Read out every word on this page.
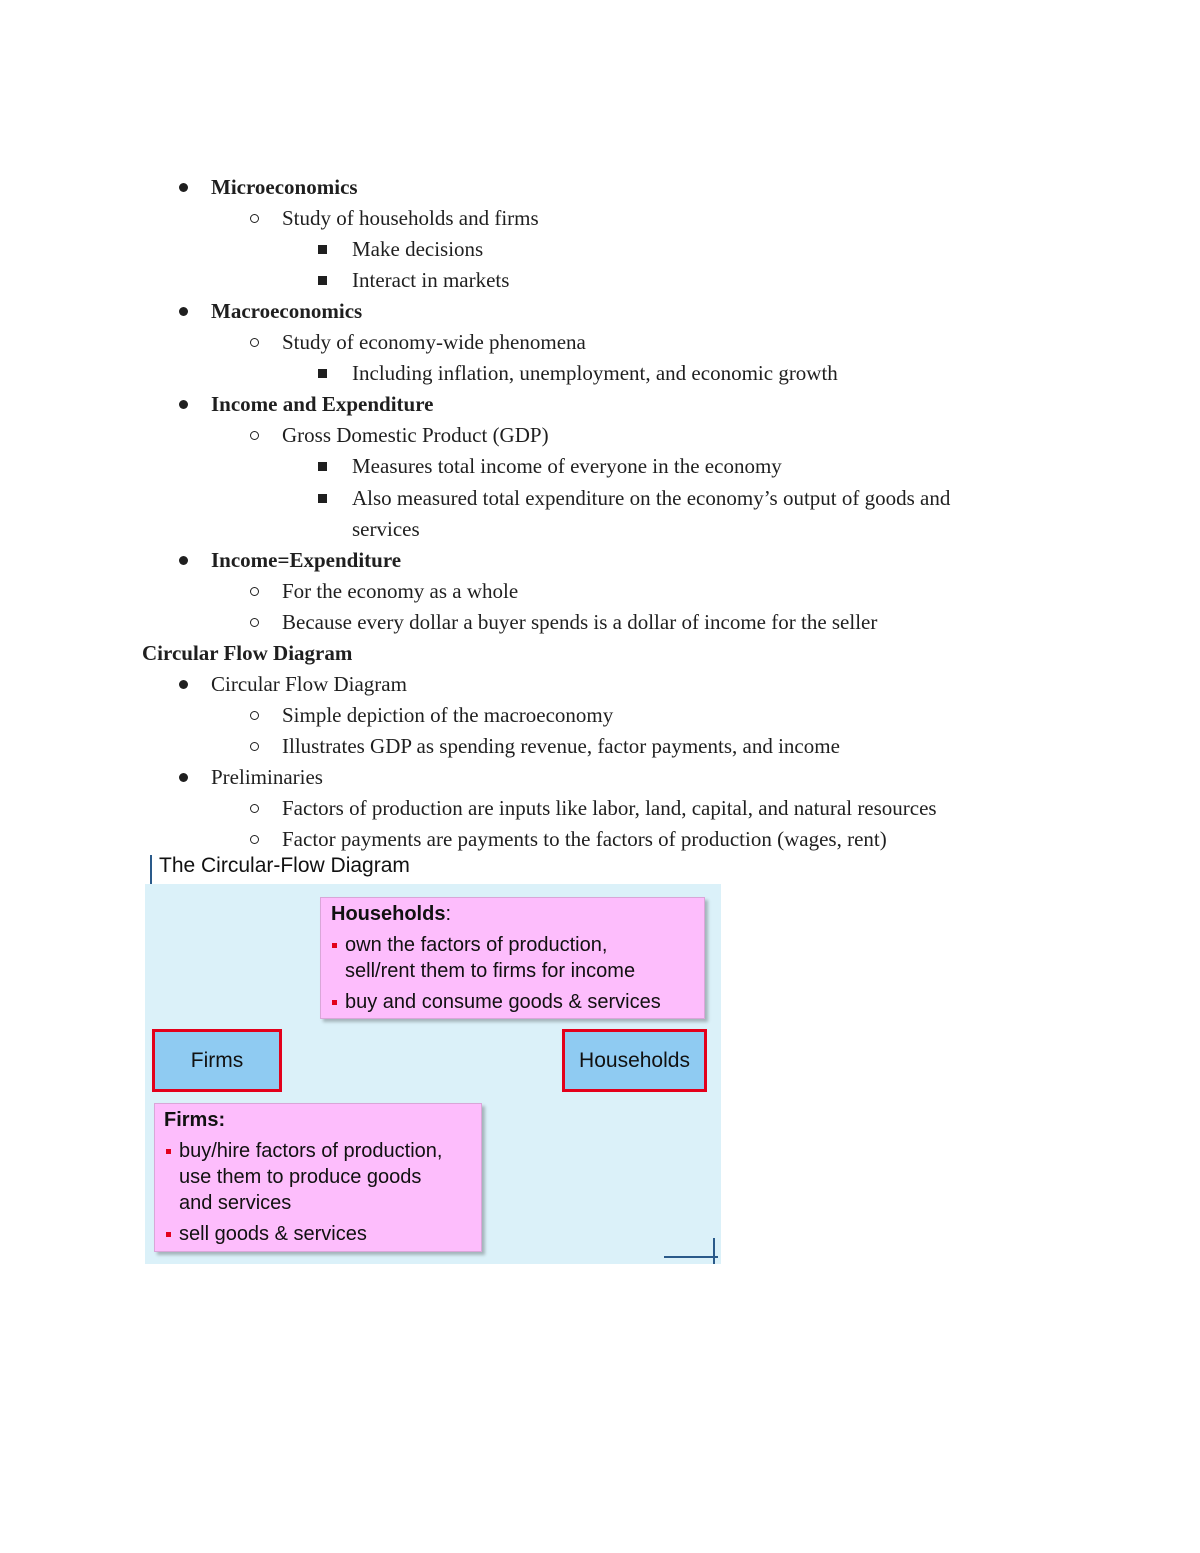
Microeconomics
Study of households and firms
Make decisions
Interact in markets
Macroeconomics
Study of economy-wide phenomena
Including inflation, unemployment, and economic growth
Income and Expenditure
Gross Domestic Product (GDP)
Measures total income of everyone in the economy
Also measured total expenditure on the economy’s output of goods and
services
Income=Expenditure
For the economy as a whole
Because every dollar a buyer spends is a dollar of income for the seller
Circular Flow Diagram
Circular Flow Diagram
Simple depiction of the macroeconomy
Illustrates GDP as spending revenue, factor payments, and income
Preliminaries
Factors of production are inputs like labor, land, capital, and natural resources
Factor payments are payments to the factors of production (wages, rent)
The Circular-Flow Diagram
Households:
own the factors of production,
sell/rent them to firms for income
buy and consume goods & services
Firms	Households
Firms:
buy/hire factors of production,
use them to produce goods
and services
sell goods & services
